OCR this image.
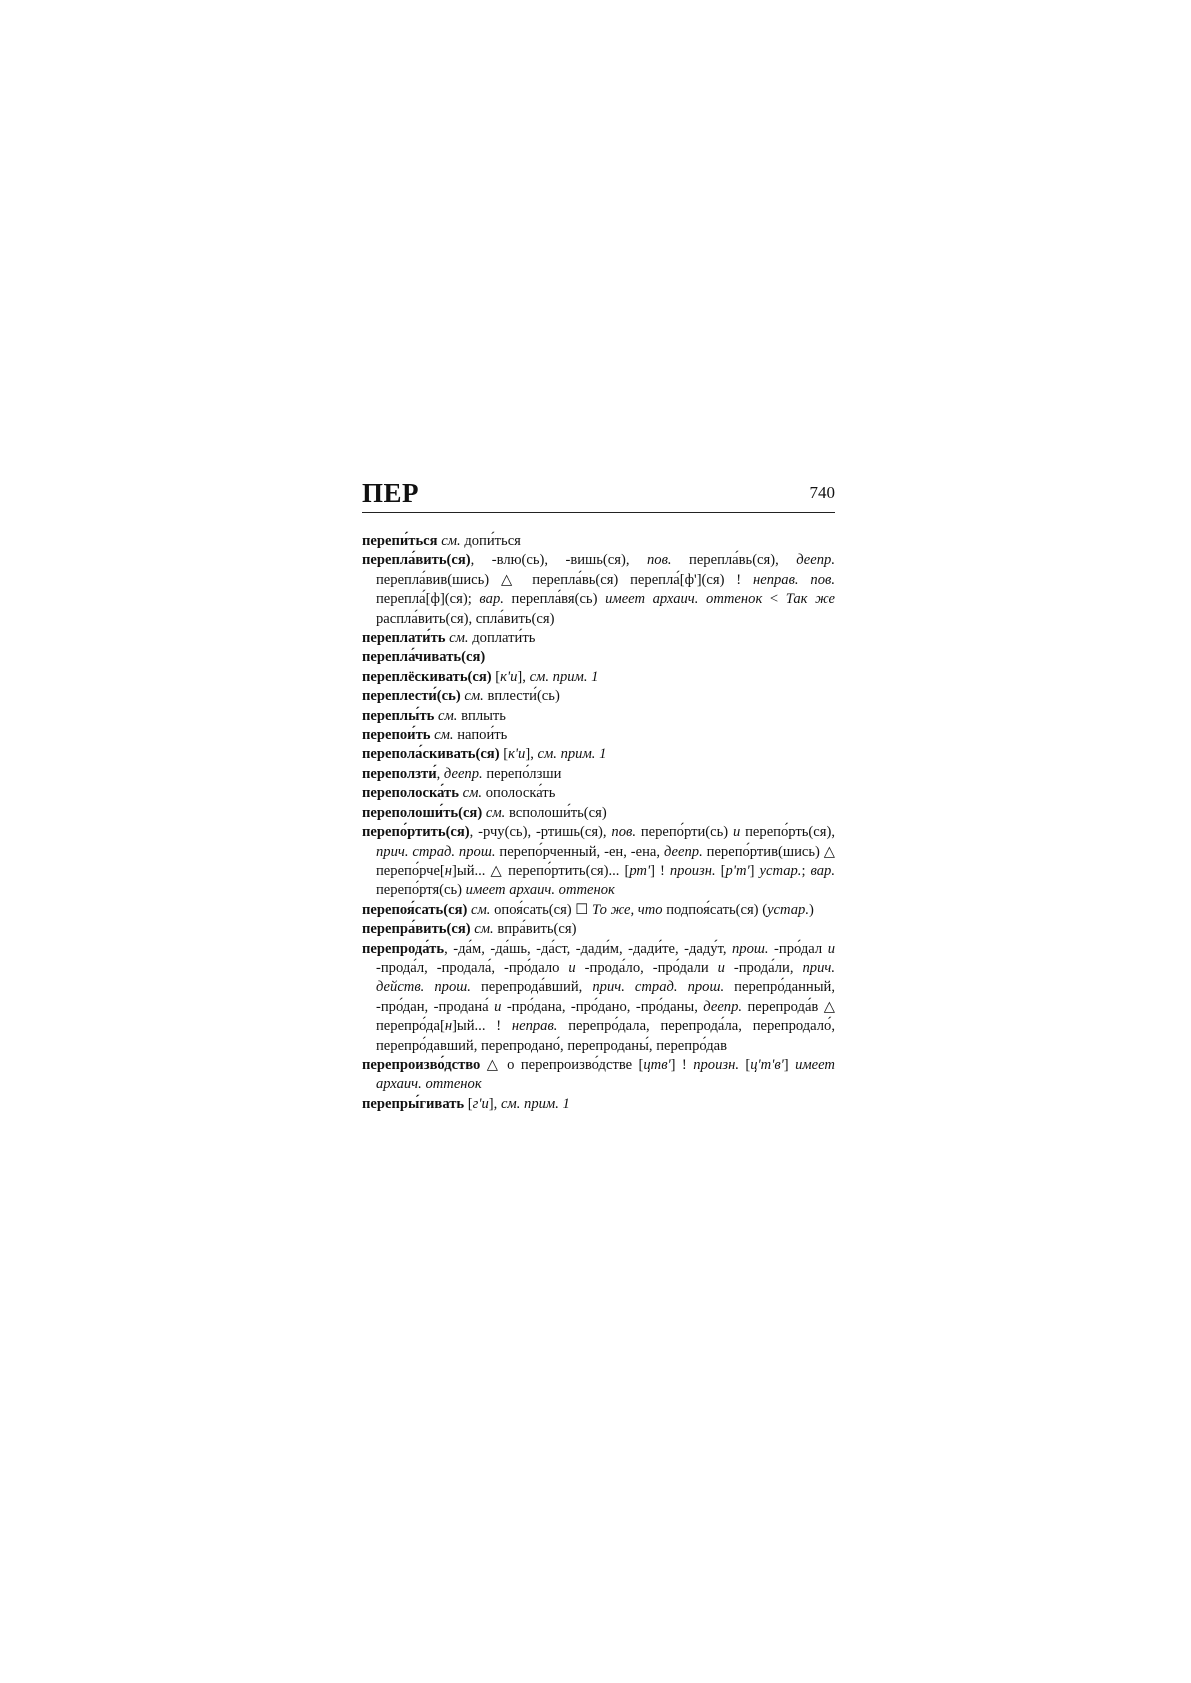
ПЕР	740
перепи́ться см. допи́ться
перепла́вить(ся), -влю(сь), -вишь(ся), пов. перепла́вь(ся), деепр. перепла́вив(шись) △ перепла́вь(ся) перепла́[ф'](ся) ! неправ. пов. перепла́[ф](ся); вар. перепла́вя(сь) имеет архаич. оттенок < Так же распла́вить(ся), спла́вить(ся)
переплати́ть см. доплати́ть
перепла́чивать(ся)
переплёскивать(ся) [к'и], см. прим. 1
переплести́(сь) см. вплести́(сь)
переплы́ть см. вплыть
перепои́ть см. напои́ть
перепола́скивать(ся) [к'и], см. прим. 1
переползти́, деепр. перепо́лзши
переполоска́ть см. ополоска́ть
переполоши́ть(ся) см. всполоши́ть(ся)
перепо́ртить(ся), -рчу(сь), -ртишь(ся), пов. перепо́рти(сь) и перепо́рть(ся), прич. страд. прош. перепо́рченный, -ен, -ена, деепр. перепо́ртив(шись) △ перепо́рче[н]ый... △ перепо́ртить(ся)... [рт'] ! произн. [р'т'] устар.; вар. перепо́ртя(сь) имеет архаич. оттенок
перепоя́сать(ся) см. опоя́сать(ся) ☐ То же, что подпоя́сать(ся) (устар.)
перепра́вить(ся) см. впра́вить(ся)
перепрода́ть, -да́м, -да́шь, -да́ст, -дади́м, -дади́те, -даду́т, прош. -про́дал и -прода́л, -продала́, -про́дало и -прода́ло, -про́дали и -прода́ли, прич. действ. прош. перепрода́вший, прич. страд. прош. перепро́данный, -про́дан, -продана́ и -про́дана, -про́дано, -про́даны, деепр. перепрода́в △ перепро́да[н]ый... ! неправ. перепро́дала, перепрода́ла, перепродало́, перепро́давший, перепродано́, перепроданы́, перепро́дав
перепроизво́дство △ о перепроизво́дстве [цтв'] ! произн. [ц'т'в'] имеет архаич. оттенок
перепры́гивать [г'и], см. прим. 1
